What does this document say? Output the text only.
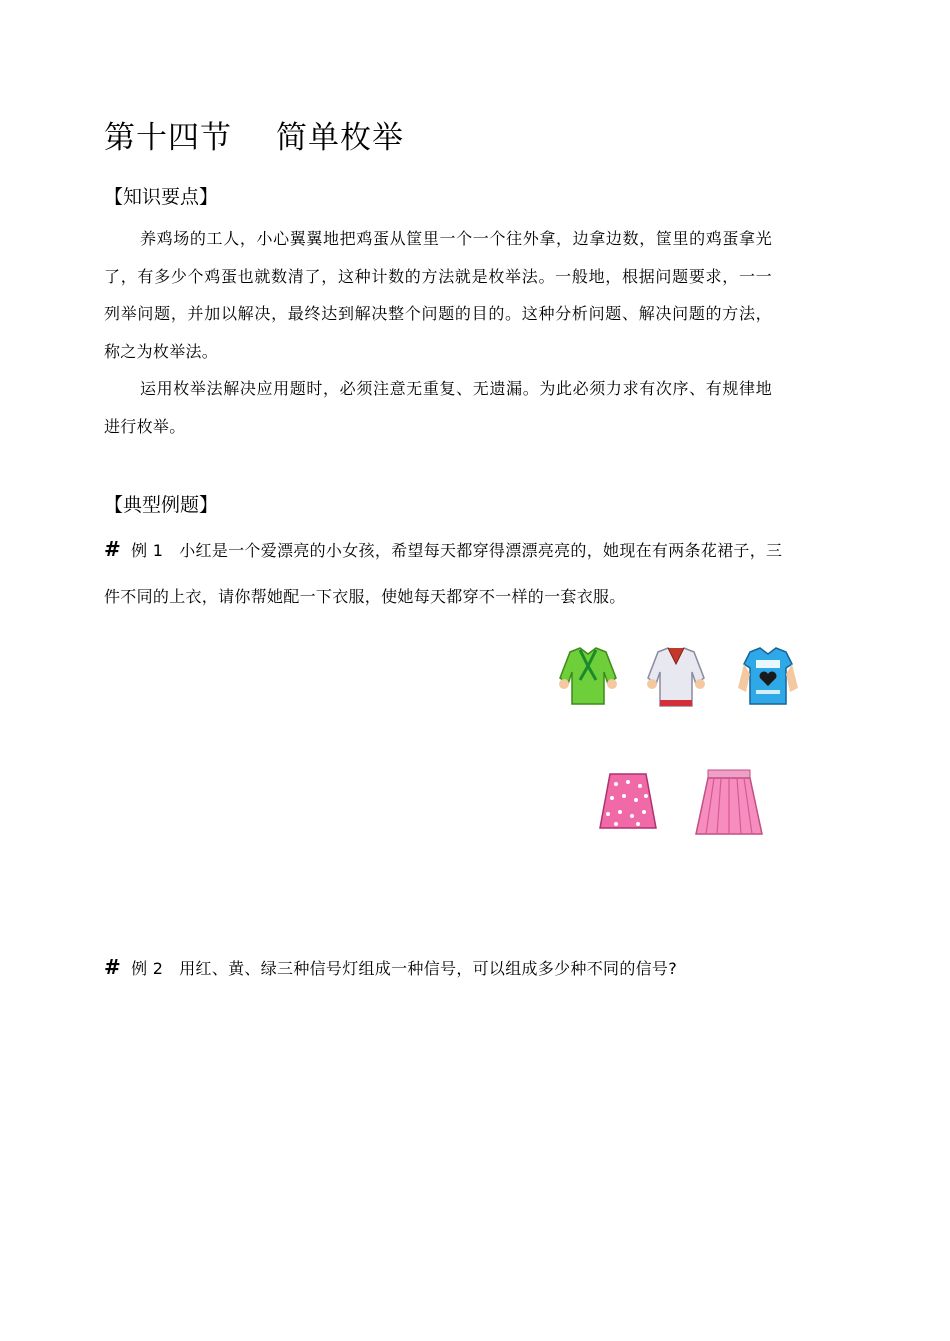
第十四节 简单枚举
【知识要点】
养鸡场的工人，小心翼翼地把鸡蛋从筐里一个一个往外拿，边拿边数，筐里的鸡蛋拿光了，有多少个鸡蛋也就数清了，这种计数的方法就是枚举法。一般地，根据问题要求，一一列举问题，并加以解决，最终达到解决整个问题的目的。这种分析问题、解决问题的方法，称之为枚举法。
运用枚举法解决应用题时，必须注意无重复、无遗漏。为此必须力求有次序、有规律地进行枚举。
【典型例题】
# 例 1 小红是一个爱漂亮的小女孩，希望每天都穿得漂漂亮亮的，她现在有两条花裙子，三件不同的上衣，请你帮她配一下衣服，使她每天都穿不一样的一套衣服。
# 例 2 用红、黄、绿三种信号灯组成一种信号，可以组成多少种不同的信号?
